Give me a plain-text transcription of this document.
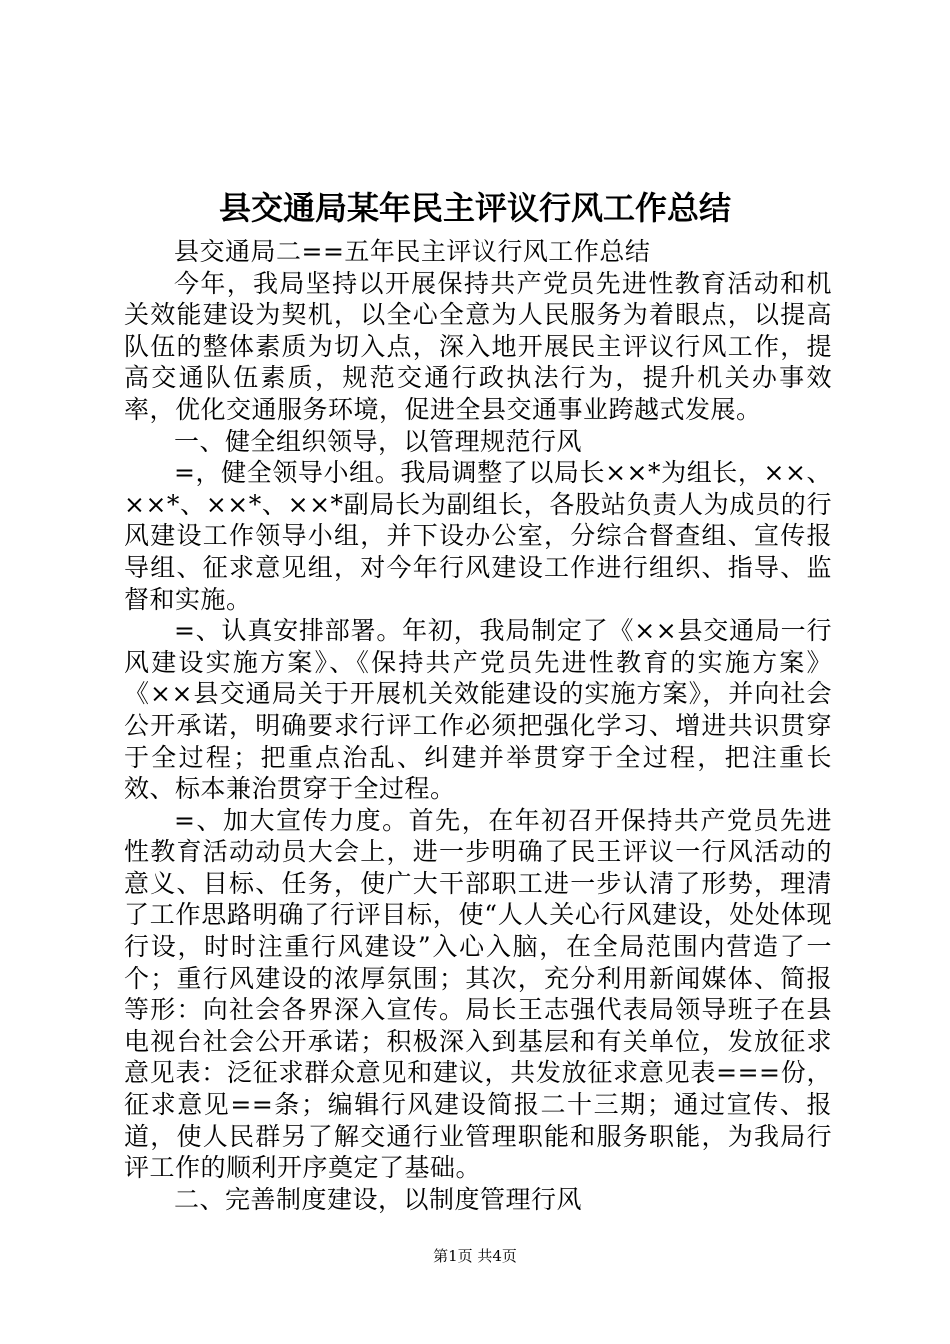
县交通局某年民主评议行风工作总结

县交通局二==五年民主评议行风工作总结

今年，我局坚持以开展保持共产党员先进性教育活动和机关效能建设为契机，以全心全意为人民服务为着眼点，以提高队伍的整体素质为切入点，深入地开展民主评议行风工作，提高交通队伍素质，规范交通行政执法行为，提升机关办事效率，优化交通服务环境，促进全县交通事业跨越式发展。

一、健全组织领导，以管理规范行风

=，健全领导小组。我局调整了以局长××*为组长，××、××*、××*、××*副局长为副组长，各股站负责人为成员的行风建设工作领导小组，并下设办公室，分综合督查组、宣传报导组、征求意见组，对今年行风建设工作进行组织、指导、监督和实施。

=、认真安排部署。年初，我局制定了《××县交通局一行风建设实施方案》、《保持共产党员先进性教育的实施方案》《××县交通局关于开展机关效能建设的实施方案》，并向社会公开承诺，明确要求行评工作必须把强化学习、增进共识贯穿于全过程；把重点治乱、纠建并举贯穿于全过程，把注重长效、标本兼治贯穿于全过程。

=、加大宣传力度。首先，在年初召开保持共产党员先进性教育活动动员大会上，进一步明确了民王评议一行风活动的意义、目标、任务，使广大干部职工进一步认清了形势，理清了工作思路明确了行评目标，使“人人关心行风建设，处处体现行设，时时注重行风建设”入心入脑，在全局范围内营造了一个；重行风建设的浓厚氛围；其次，充分利用新闻媒体、简报等形：向社会各界深入宣传。局长王志强代表局领导班子在县电视台社会公开承诺；积极深入到基层和有关单位，发放征求意见表：泛征求群众意见和建议，共发放征求意见表===份，征求意见==条；编辑行风建设简报二十三期；通过宣传、报道，使人民群另了解交通行业管理职能和服务职能，为我局行评工作的顺利开序奠定了基础。

二、完善制度建设，以制度管理行风

第1页 共4页
